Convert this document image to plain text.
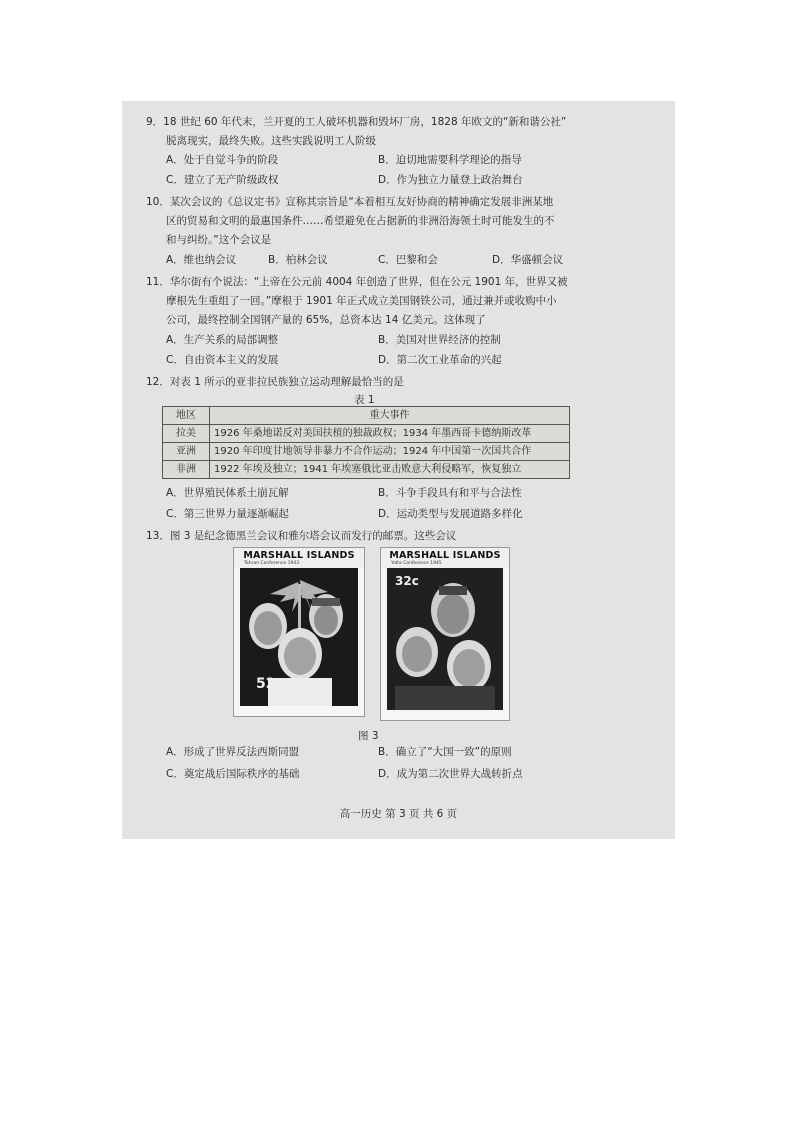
9．18 世纪 60 年代末，兰开夏的工人破坏机器和毁坏厂房，1828 年欧文的“新和谐公社”
脱离现实，最终失败。这些实践说明工人阶级
A．处于自觉斗争的阶段	B．迫切地需要科学理论的指导
C．建立了无产阶级政权	D．作为独立力量登上政治舞台
10．某次会议的《总议定书》宣称其宗旨是“本着相互友好协商的精神确定发展非洲某地
区的贸易和文明的最惠国条件……希望避免在占据新的非洲沿海领土时可能发生的不
和与纠纷。”这个会议是
A．维也纳会议	B．柏林会议	C．巴黎和会	D．华盛顿会议
11．华尔街有个说法：“上帝在公元前 4004 年创造了世界，但在公元 1901 年，世界又被
摩根先生重组了一回。”摩根于 1901 年正式成立美国钢铁公司，通过兼并或收购中小
公司，最终控制全国钢产量的 65%，总资本达 14 亿美元。这体现了
A．生产关系的局部调整	B．美国对世界经济的控制
C．自由资本主义的发展	D．第二次工业革命的兴起
12．对表 1 所示的亚非拉民族独立运动理解最恰当的是
表 1
地区	重大事件
拉美	1926 年桑地诺反对美国扶植的独裁政权；1934 年墨西哥卡德纳斯改革
亚洲	1920 年印度甘地领导非暴力不合作运动；1924 年中国第一次国共合作
非洲	1922 年埃及独立；1941 年埃塞俄比亚击败意大利侵略军，恢复独立
A．世界殖民体系土崩瓦解	B．斗争手段具有和平与合法性
C．第三世界力量逐渐崛起	D．运动类型与发展道路多样化
13．图 3 是纪念德黑兰会议和雅尔塔会议而发行的邮票。这些会议
MARSHALL ISLANDS
Tehran Conference 1943
52c
MARSHALL ISLANDS
Yalta Conference 1945
32c
图 3
A．形成了世界反法西斯同盟	B．确立了“大国一致”的原则
C．奠定战后国际秩序的基础	D．成为第二次世界大战转折点
高一历史 第 3 页 共 6 页
